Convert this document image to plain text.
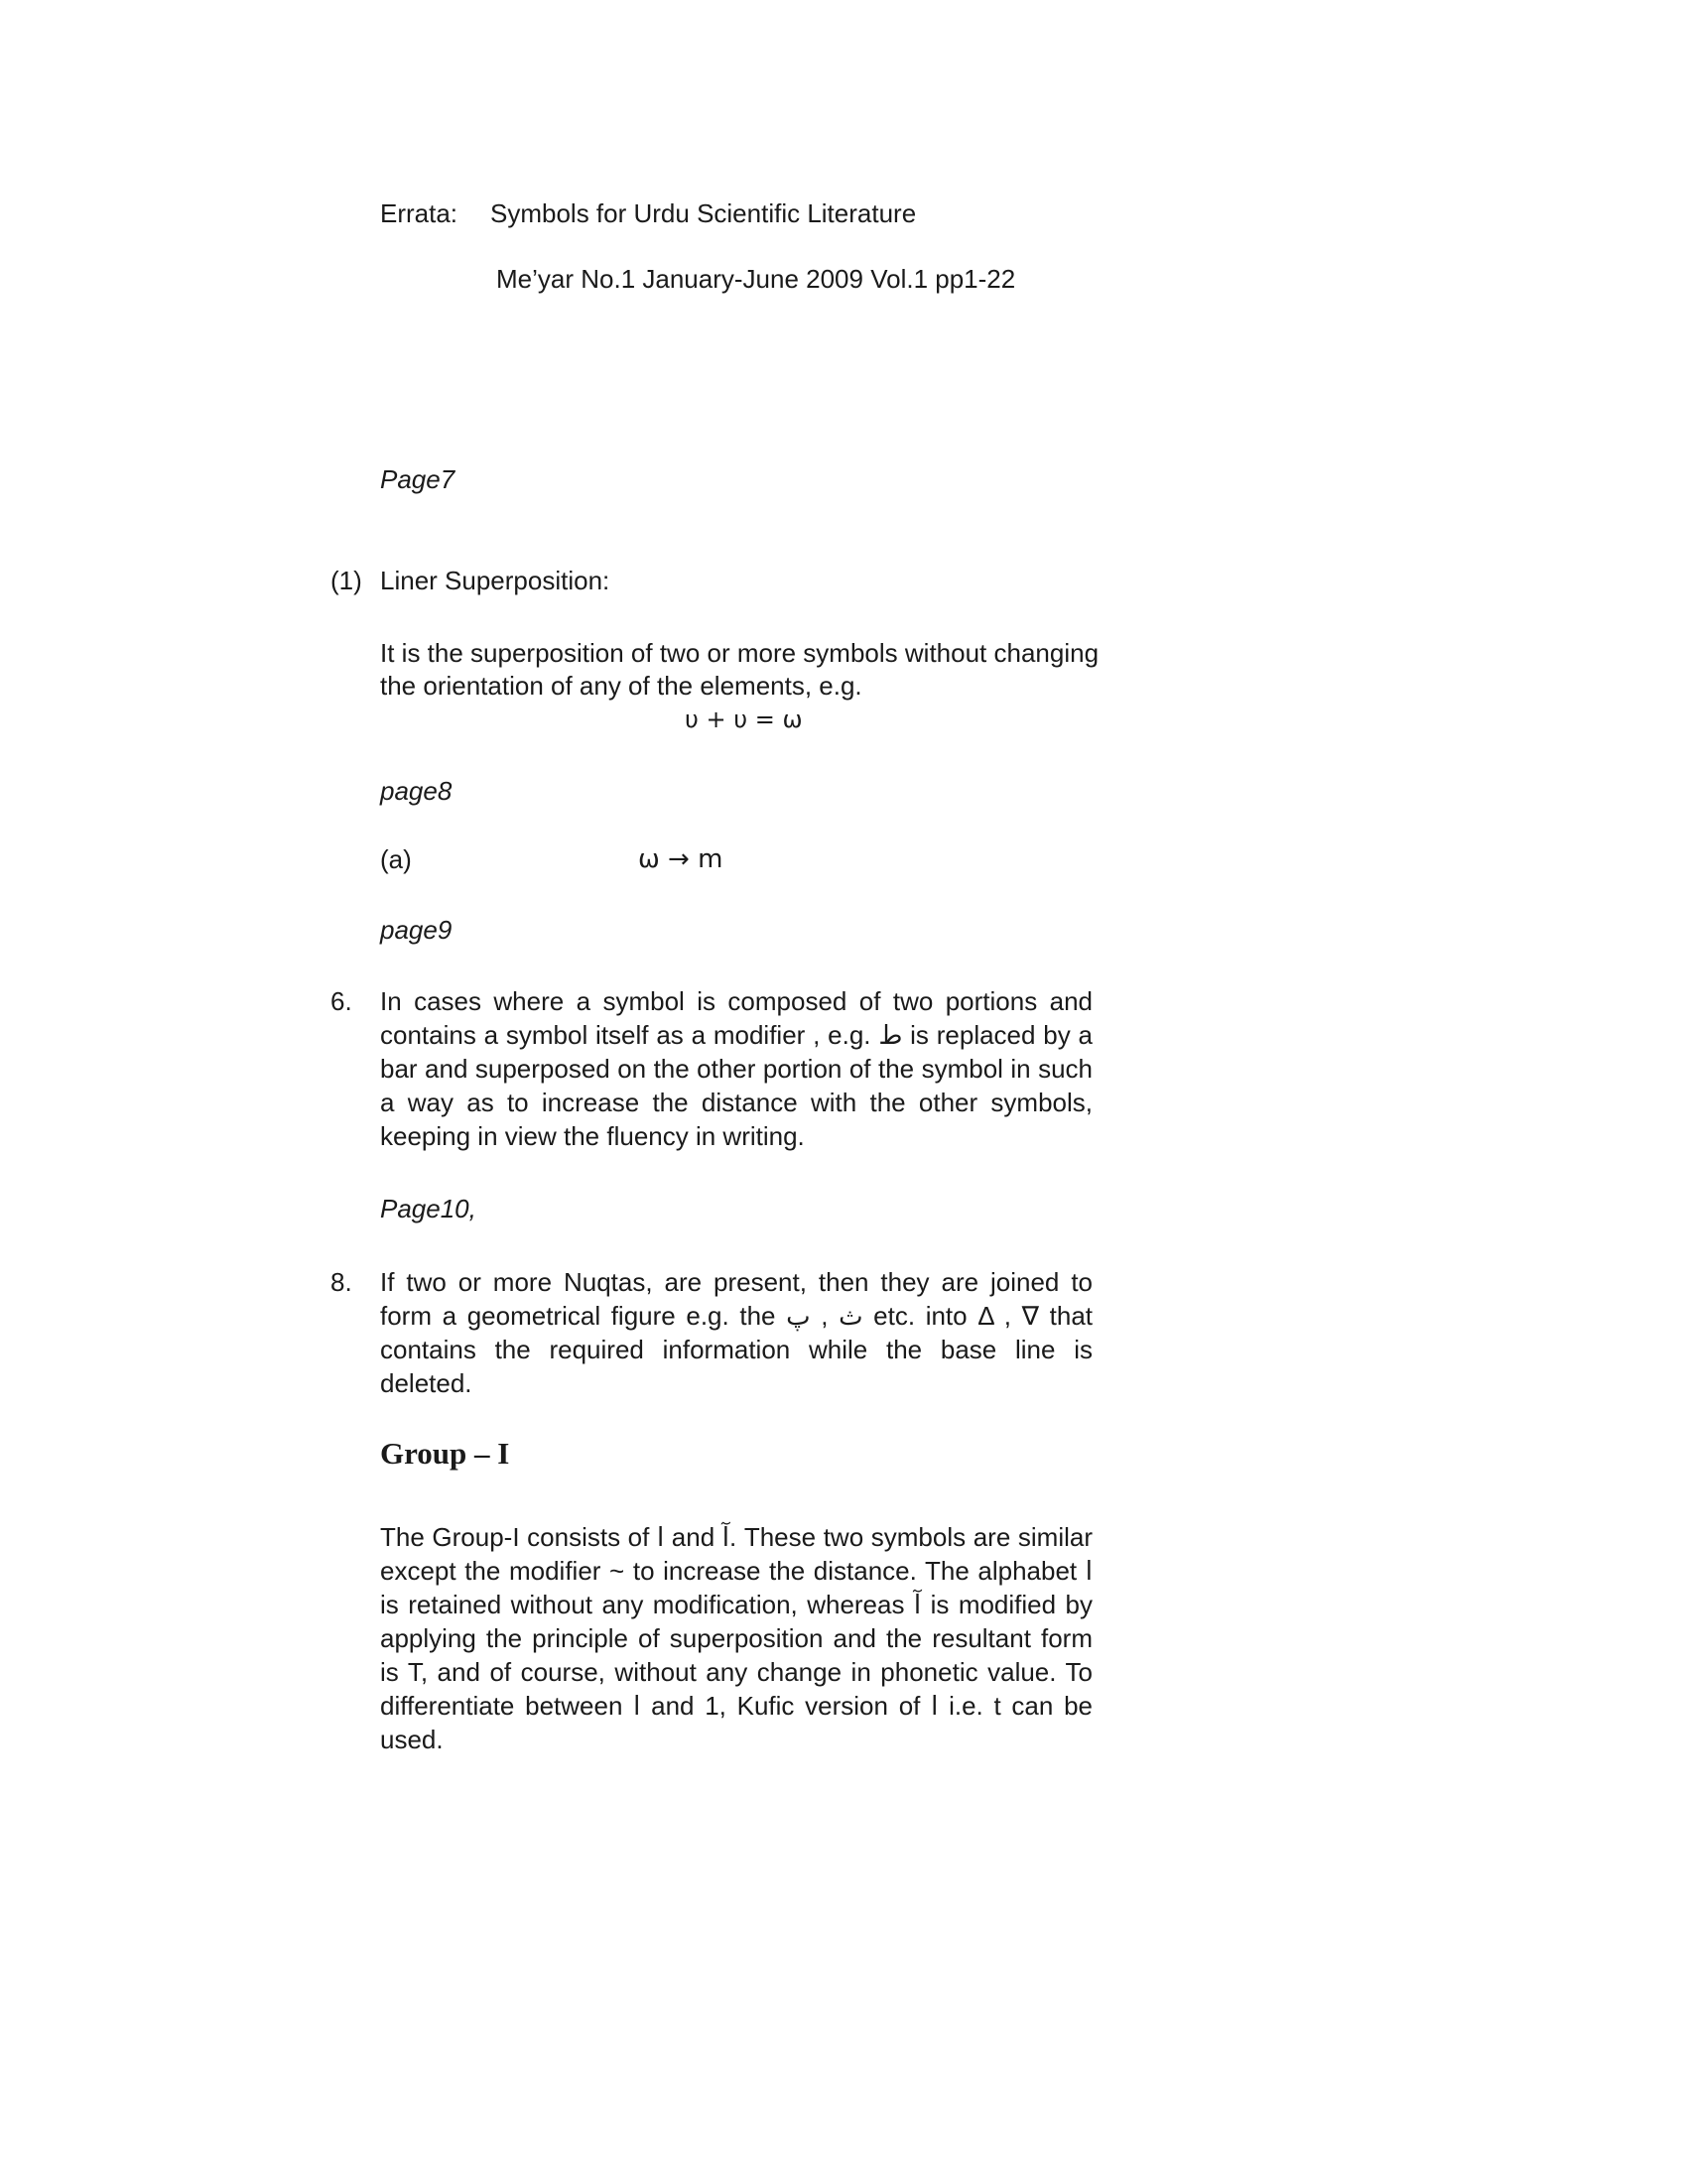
Errata: Symbols for Urdu Scientific Literature
Me’yar No.1 January-June 2009 Vol.1 pp1-22
Page7
(1) Liner Superposition:
It is the superposition of two or more symbols without changing
the orientation of any of the elements, e.g.
υ + υ = ω
page8
(a)	ω → m
page9
6. In cases where a symbol is composed of two portions and contains a symbol itself as a modifier , e.g. ط is replaced by a bar and superposed on the other portion of the symbol in such a way as to increase the distance with the other symbols, keeping in view the fluency in writing.
Page10,
8. If two or more Nuqtas, are present, then they are joined to form a geometrical figure e.g. the ث , پ etc. into Δ , ∇ that contains the required information while the base line is deleted.
Group – I
The Group-I consists of ا and آ. These two symbols are similar except the modifier ~ to increase the distance. The alphabet ا is retained without any modification, whereas آ is modified by applying the principle of superposition and the resultant form is T, and of course, without any change in phonetic value. To differentiate between ا and 1, Kufic version of ا i.e. t can be used.
